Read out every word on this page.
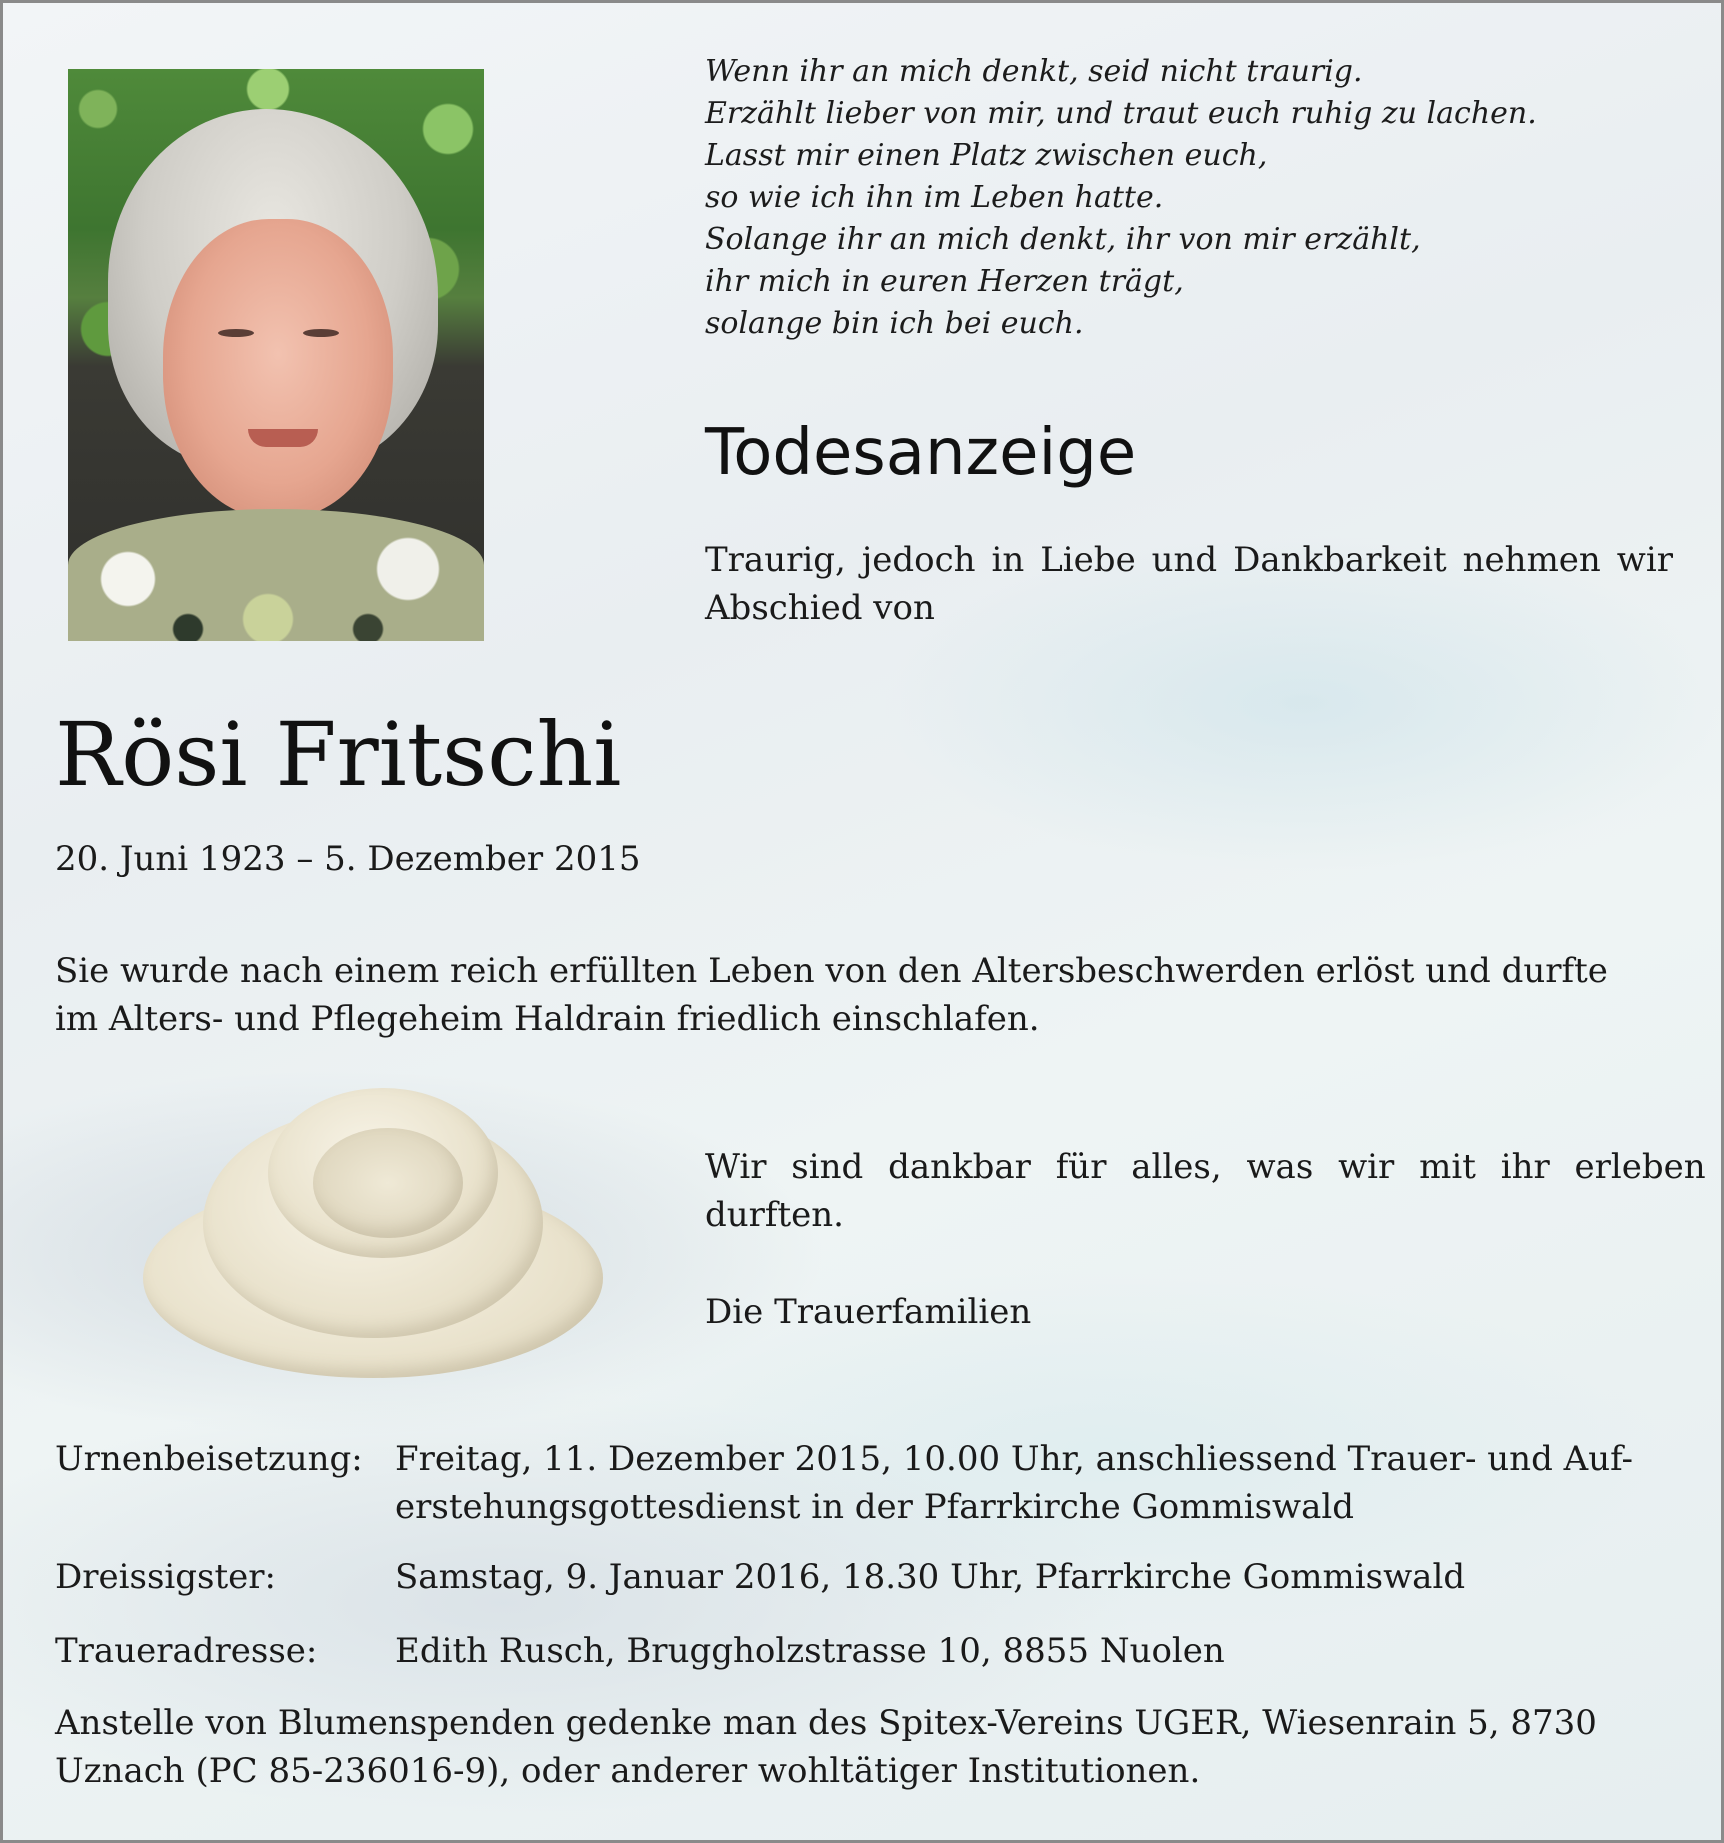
Wenn ihr an mich denkt, seid nicht traurig.
Erzählt lieber von mir, und traut euch ruhig zu lachen.
Lasst mir einen Platz zwischen euch,
so wie ich ihn im Leben hatte.
Solange ihr an mich denkt, ihr von mir erzählt,
ihr mich in euren Herzen trägt,
solange bin ich bei euch.
Todesanzeige
Traurig, jedoch in Liebe und Dankbarkeit nehmen wir Abschied von
Rösi Fritschi
20. Juni 1923 – 5. Dezember 2015
Sie wurde nach einem reich erfüllten Leben von den Altersbeschwerden erlöst und durfte
im Alters- und Pflegeheim Haldrain friedlich einschlafen.
Wir sind dankbar für alles, was wir mit ihr erleben
durften.
Die Trauerfamilien
Urnenbeisetzung: Freitag, 11. Dezember 2015, 10.00 Uhr, anschliessend Trauer- und Auf-
erstehungsgottesdienst in der Pfarrkirche Gommiswald
Dreissigster:	Samstag, 9. Januar 2016, 18.30 Uhr, Pfarrkirche Gommiswald
Traueradresse: Edith Rusch, Bruggholzstrasse 10, 8855 Nuolen
Anstelle von Blumenspenden gedenke man des Spitex-Vereins UGER, Wiesenrain 5, 8730
Uznach (PC 85-236016-9), oder anderer wohltätiger Institutionen.
